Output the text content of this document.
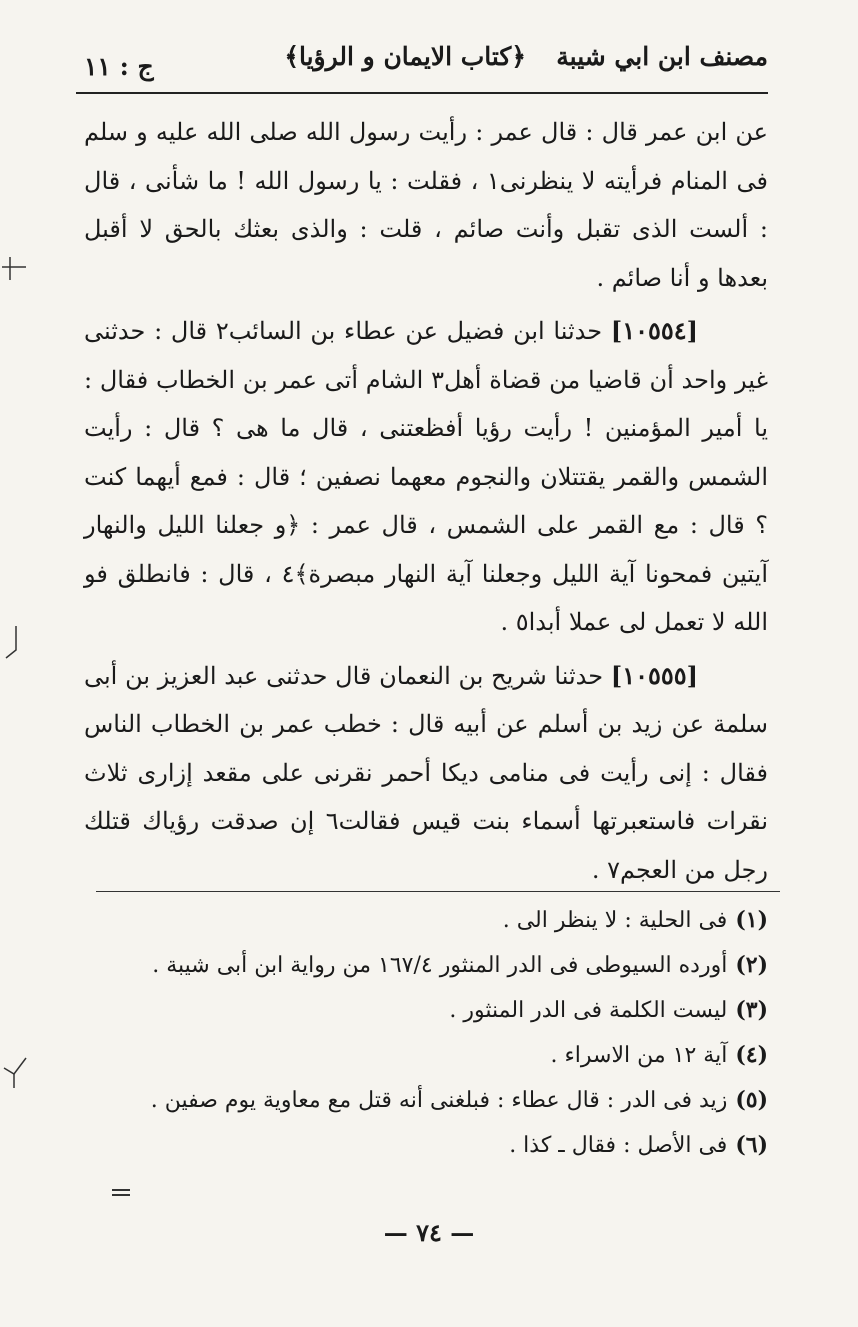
مصنف ابن ابي شيبة
﴿كتاب الايمان و الرؤيا﴾
ج : ١١

عن ابن عمر قال : قال عمر : رأيت رسول الله صلى الله عليه و سلم فى المنام فرأيته لا ينظرنى١ ، فقلت : يا رسول الله ! ما شأنى ، قال : ألست الذى تقبل وأنت صائم ، قلت : والذى بعثك بالحق لا أقبل بعدها و أنا صائم .

[١٠٥٥٤] حدثنا ابن فضيل عن عطاء بن السائب٢ قال : حدثنى غير واحد أن قاضيا من قضاة أهل٣ الشام أتى عمر بن الخطاب فقال : يا أمير المؤمنين ! رأيت رؤيا أفظعتنى ، قال ما هى ؟ قال : رأيت الشمس والقمر يقتتلان والنجوم معهما نصفين ؛ قال : فمع أيهما كنت ؟ قال : مع القمر على الشمس ، قال عمر : ﴿و جعلنا الليل والنهار آيتين فمحونا آية الليل وجعلنا آية النهار مبصرة﴾٤ ، قال : فانطلق فو الله لا تعمل لى عملا أبدا٥ .

[١٠٥٥٥] حدثنا شريح بن النعمان قال حدثنى عبد العزيز بن أبى سلمة عن زيد بن أسلم عن أبيه قال : خطب عمر بن الخطاب الناس فقال : إنى رأيت فى منامى ديكا أحمر نقرنى على مقعد إزارى ثلاث نقرات فاستعبرتها أسماء بنت قيس فقالت٦ إن صدقت رؤياك قتلك رجل من العجم٧ .

(١)فى الحلية : لا ينظر الى .
(٢)أورده السيوطى فى الدر المنثور ١٦٧/٤ من رواية ابن أبى شيبة .
(٣)ليست الكلمة فى الدر المنثور .
(٤)آية ١٢ من الاسراء .
(٥)زيد فى الدر : قال عطاء : فبلغنى أنه قتل مع معاوية يوم صفين .
(٦)فى الأصل : فقال ـ كذا .
— ٧٤ —
